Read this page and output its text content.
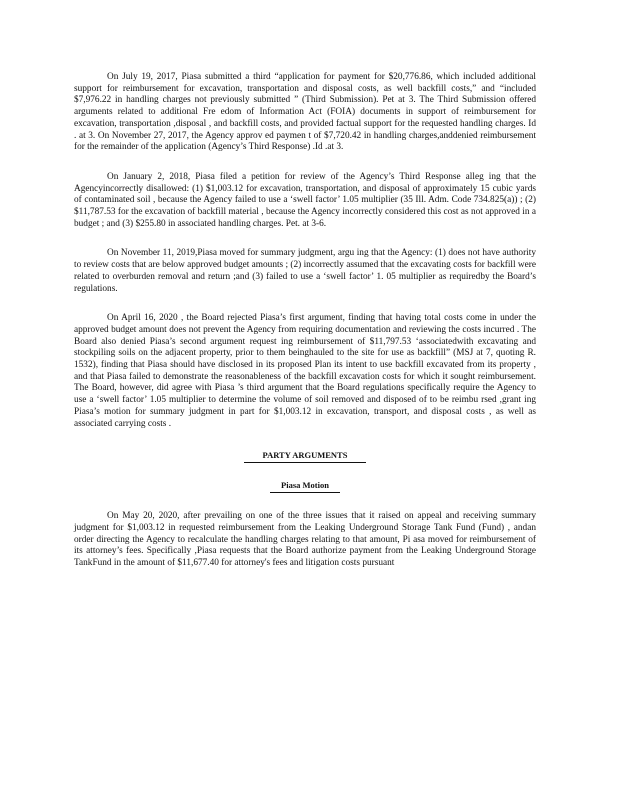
On July 19, 2017, Piasa submitted a third “application for payment for $20,776.86, which included additional support for reimbursement for excavation, transportation and disposal costs, as well backfill costs,” and “included $7,976.22 in handling charges not previously submitted ” (Third Submission). Pet at 3. The Third Submission offered arguments related to additional Fre edom of Information Act (FOIA) documents in support of reimbursement for excavation, transportation ,disposal , and backfill costs, and provided factual support for the requested handling charges. Id . at 3. On November 27, 2017, the Agency approv ed paymen t of $7,720.42 in handling charges,anddenied reimbursement for the remainder of the application (Agency’s Third Response) .Id .at 3.

On January 2, 2018, Piasa filed a petition for review of the Agency’s Third Response alleg ing that the Agencyincorrectly disallowed: (1) $1,003.12 for excavation, transportation, and disposal of approximately 15 cubic yards of contaminated soil , because the Agency failed to use a ‘swell factor’ 1.05 multiplier (35 Ill. Adm. Code 734.825(a)) ; (2) $11,787.53 for the excavation of backfill material , because the Agency incorrectly considered this cost as not approved in a budget ; and (3) $255.80 in associated handling charges. Pet. at 3-6.

On November 11, 2019,Piasa moved for summary judgment, argu ing that the Agency: (1) does not have authority to review costs that are below approved budget amounts ; (2) incorrectly assumed that the excavating costs for backfill were related to overburden removal and return ;and (3) failed to use a ‘swell factor’ 1. 05 multiplier as requiredby the Board’s regulations.

On April 16, 2020 , the Board rejected Piasa’s first argument, finding that having total costs come in under the approved budget amount does not prevent the Agency from requiring documentation and reviewing the costs incurred . The Board also denied Piasa’s second argument request ing reimbursement of $11,797.53 ‘associatedwith excavating and stockpiling soils on the adjacent property, prior to them beinghauled to the site for use as backfill” (MSJ at 7, quoting R. 1532), finding that Piasa should have disclosed in its proposed Plan its intent to use backfill excavated from its property , and that Piasa failed to demonstrate the reasonableness of the backfill excavation costs for which it sought reimbursement. The Board, however, did agree with Piasa ’s third argument that the Board regulations specifically require the Agency to use a ‘swell factor’ 1.05 multiplier to determine the volume of soil removed and disposed of to be reimbu rsed ,grant ing Piasa’s motion for summary judgment in part for $1,003.12 in excavation, transport, and disposal costs , as well as associated carrying costs .

PARTY ARGUMENTS

Piasa Motion

On May 20, 2020, after prevailing on one of the three issues that it raised on appeal and receiving summary judgment for $1,003.12 in requested reimbursement from the Leaking Underground Storage Tank Fund (Fund) , andan order directing the Agency to recalculate the handling charges relating to that amount, Pi asa moved for reimbursement of its attorney’s fees. Specifically ,Piasa requests that the Board authorize payment from the Leaking Underground Storage TankFund in the amount of $11,677.40 for attorney's fees and litigation costs pursuant
